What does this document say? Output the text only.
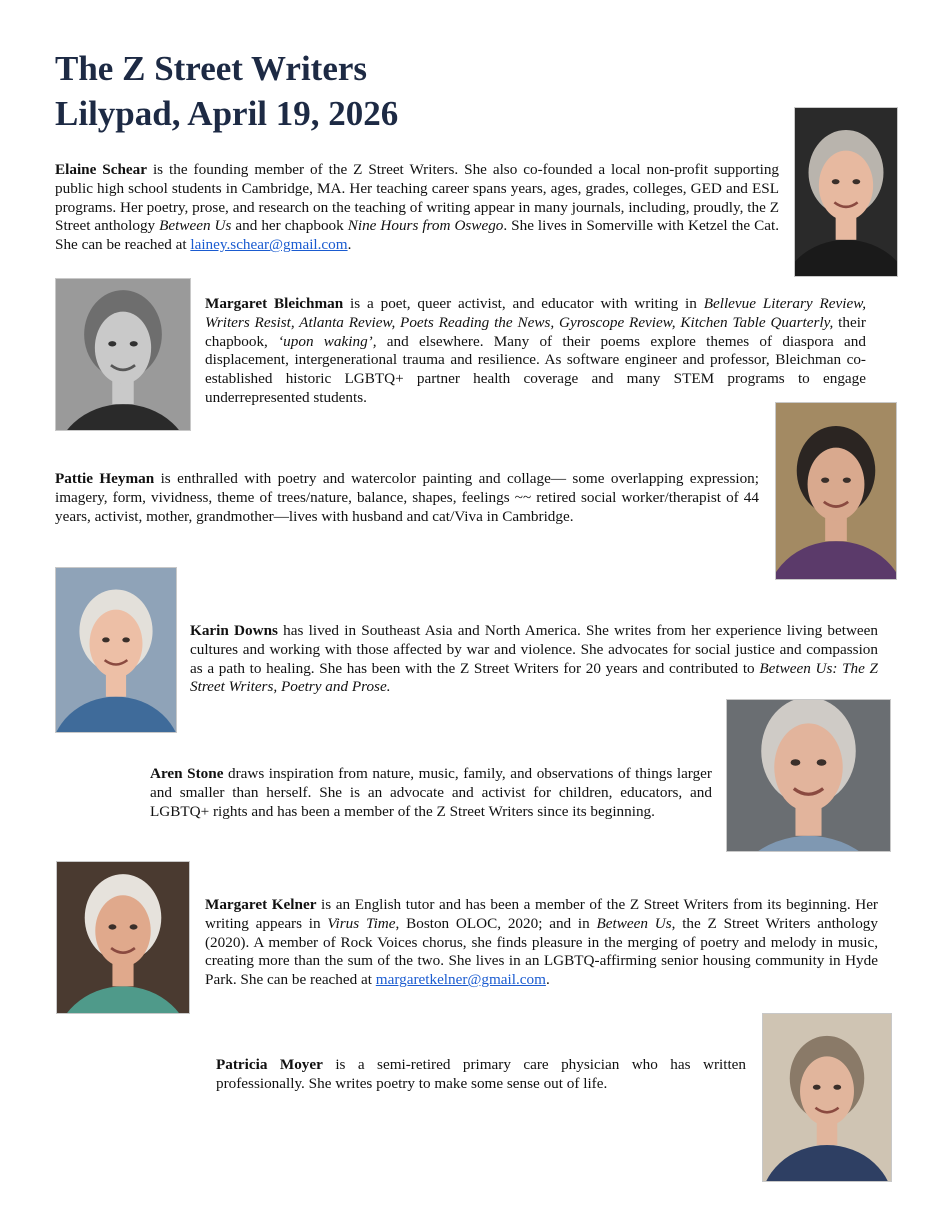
The Z Street Writers
Lilypad, April 19, 2026

Elaine Schear is the founding member of the Z Street Writers. She also co-founded a local non-profit supporting public high school students in Cambridge, MA. Her teaching career spans years, ages, grades, colleges, GED and ESL programs. Her poetry, prose, and research on the teaching of writing appear in many journals, including, proudly, the Z Street anthology Between Us and her chapbook Nine Hours from Oswego. She lives in Somerville with Ketzel the Cat. She can be reached at lainey.schear@gmail.com.

Margaret Bleichman is a poet, queer activist, and educator with writing in Bellevue Literary Review, Writers Resist, Atlanta Review, Poets Reading the News, Gyroscope Review, Kitchen Table Quarterly, their chapbook, ‘upon waking’, and elsewhere. Many of their poems explore themes of diaspora and displacement, intergenerational trauma and resilience. As software engineer and professor, Bleichman co-established historic LGBTQ+ partner health coverage and many STEM programs to engage underrepresented students.

Pattie Heyman is enthralled with poetry and watercolor painting and collage— some overlapping expression; imagery, form, vividness, theme of trees/nature, balance, shapes, feelings ~~ retired social worker/therapist of 44 years, activist, mother, grandmother—lives with husband and cat/Viva in Cambridge.

Karin Downs has lived in Southeast Asia and North America. She writes from her experience living between cultures and working with those affected by war and violence. She advocates for social justice and compassion as a path to healing. She has been with the Z Street Writers for 20 years and contributed to Between Us: The Z Street Writers, Poetry and Prose.

Aren Stone draws inspiration from nature, music, family, and observations of things larger and smaller than herself. She is an advocate and activist for children, educators, and LGBTQ+ rights and has been a member of the Z Street Writers since its beginning.

Margaret Kelner is an English tutor and has been a member of the Z Street Writers from its beginning. Her writing appears in Virus Time, Boston OLOC, 2020; and in Between Us, the Z Street Writers anthology (2020). A member of Rock Voices chorus, she finds pleasure in the merging of poetry and melody in music, creating more than the sum of the two. She lives in an LGBTQ-affirming senior housing community in Hyde Park. She can be reached at margaretkelner@gmail.com.

Patricia Moyer is a semi-retired primary care physician who has written professionally. She writes poetry to make some sense out of life.
